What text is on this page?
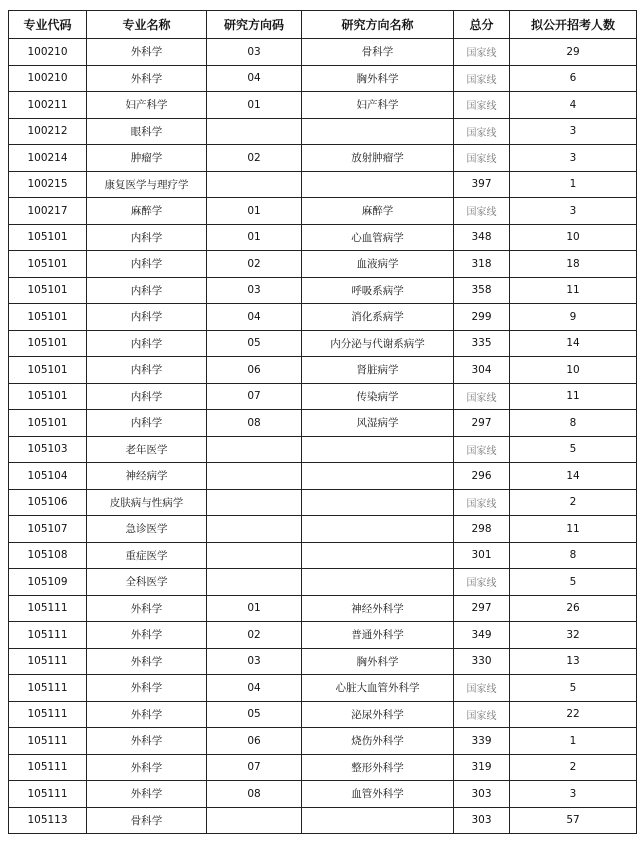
专业代码	专业名称	研究方向码	研究方向名称	总分	拟公开招考人数
100210	外科学	03	骨科学	国家线	29
100210	外科学	04	胸外科学	国家线	6
100211	妇产科学	01	妇产科学	国家线	4
100212	眼科学			国家线	3
100214	肿瘤学	02	放射肿瘤学	国家线	3
100215	康复医学与理疗学			397	1
100217	麻醉学	01	麻醉学	国家线	3
105101	内科学	01	心血管病学	348	10
105101	内科学	02	血液病学	318	18
105101	内科学	03	呼吸系病学	358	11
105101	内科学	04	消化系病学	299	9
105101	内科学	05	内分泌与代谢系病学	335	14
105101	内科学	06	肾脏病学	304	10
105101	内科学	07	传染病学	国家线	11
105101	内科学	08	风湿病学	297	8
105103	老年医学			国家线	5
105104	神经病学			296	14
105106	皮肤病与性病学			国家线	2
105107	急诊医学			298	11
105108	重症医学			301	8
105109	全科医学			国家线	5
105111	外科学	01	神经外科学	297	26
105111	外科学	02	普通外科学	349	32
105111	外科学	03	胸外科学	330	13
105111	外科学	04	心脏大血管外科学	国家线	5
105111	外科学	05	泌尿外科学	国家线	22
105111	外科学	06	烧伤外科学	339	1
105111	外科学	07	整形外科学	319	2
105111	外科学	08	血管外科学	303	3
105113	骨科学			303	57
